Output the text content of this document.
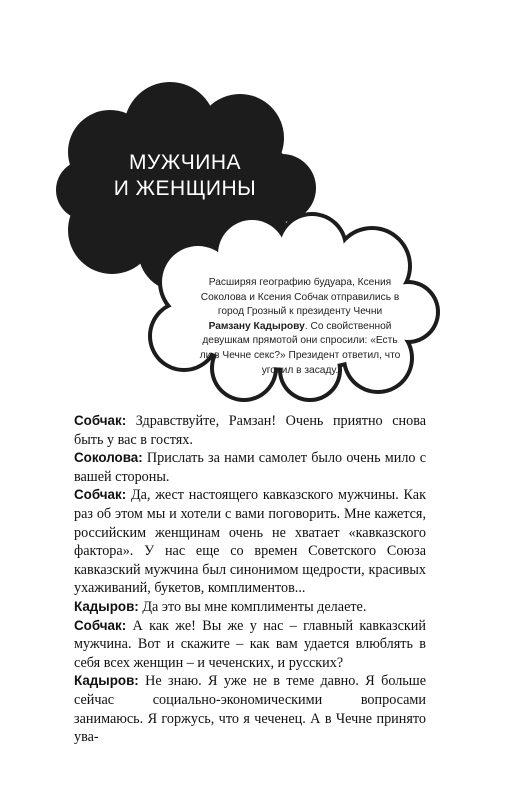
МУЖЧИНА
И ЖЕНЩИНЫ
Расширяя географию будуара, Ксения Соколова и Ксения Собчак отправились в город Грозный к президенту Чечни Рамзану Кадырову. Со свойственной девушкам прямотой они спросили: «Есть ли в Чечне секс?» Президент ответил, что угодил в засаду.

Собчак: Здравствуйте, Рамзан! Очень приятно снова быть у вас в гостях.

Соколова: Прислать за нами самолет было очень мило с вашей стороны.

Собчак: Да, жест настоящего кавказского мужчины. Как раз об этом мы и хотели с вами поговорить. Мне кажется, российским женщинам очень не хватает «кавказского фактора». У нас еще со времен Советского Союза кавказский мужчина был синонимом щедрости, красивых ухаживаний, букетов, комплиментов...

Кадыров: Да это вы мне комплименты делаете.

Собчак: А как же! Вы же у нас – главный кавказский мужчина. Вот и скажите – как вам удается влюблять в себя всех женщин – и чеченских, и русских?

Кадыров: Не знаю. Я уже не в теме давно. Я больше сейчас социально-экономическими вопросами занимаюсь. Я горжусь, что я чеченец. А в Чечне принято ува-
